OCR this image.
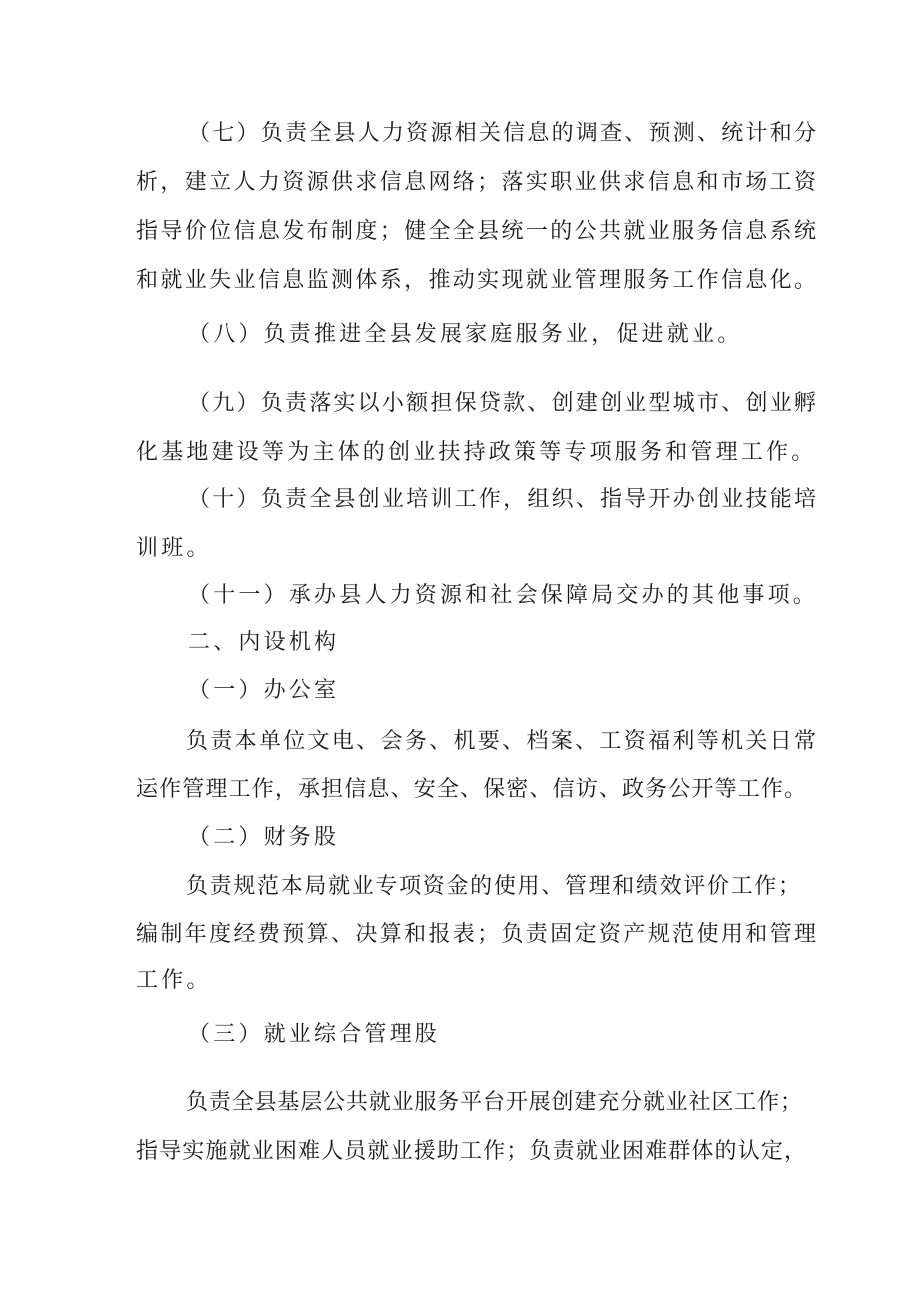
（七）负责全县人力资源相关信息的调查、预测、统计和分
析，建立人力资源供求信息网络；落实职业供求信息和市场工资
指导价位信息发布制度；健全全县统一的公共就业服务信息系统
和就业失业信息监测体系，推动实现就业管理服务工作信息化。
（八）负责推进全县发展家庭服务业，促进就业。
（九）负责落实以小额担保贷款、创建创业型城市、创业孵
化基地建设等为主体的创业扶持政策等专项服务和管理工作。
（十）负责全县创业培训工作，组织、指导开办创业技能培
训班。
（十一）承办县人力资源和社会保障局交办的其他事项。
二、内设机构
（一）办公室
负责本单位文电、会务、机要、档案、工资福利等机关日常
运作管理工作，承担信息、安全、保密、信访、政务公开等工作。
（二）财务股
负责规范本局就业专项资金的使用、管理和绩效评价工作；
编制年度经费预算、决算和报表；负责固定资产规范使用和管理
工作。
（三）就业综合管理股
负责全县基层公共就业服务平台开展创建充分就业社区工作；
指导实施就业困难人员就业援助工作；负责就业困难群体的认定，
